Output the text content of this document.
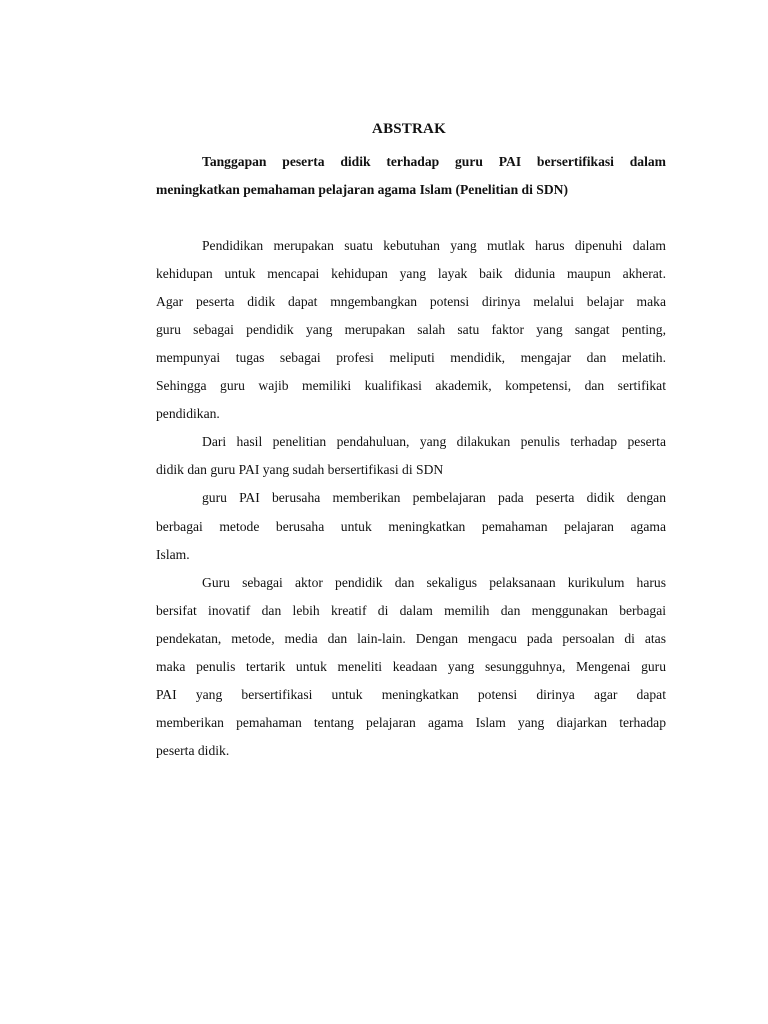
ABSTRAK
Tanggapan peserta didik terhadap guru PAI bersertifikasi dalam
meningkatkan pemahaman pelajaran agama Islam (Penelitian di SDN)
Pendidikan merupakan suatu kebutuhan yang mutlak harus dipenuhi dalam
kehidupan untuk mencapai kehidupan yang layak baik didunia maupun akherat.
Agar peserta didik dapat mngembangkan potensi dirinya melalui belajar maka
guru sebagai pendidik yang merupakan salah satu faktor yang sangat penting,
mempunyai tugas sebagai profesi meliputi mendidik, mengajar dan melatih.
Sehingga guru wajib memiliki kualifikasi akademik, kompetensi, dan sertifikat
pendidikan.
Dari hasil penelitian pendahuluan, yang dilakukan penulis terhadap peserta
didik dan guru PAI yang sudah bersertifikasi di SDN
guru PAI berusaha memberikan pembelajaran pada peserta didik dengan
berbagai metode berusaha untuk meningkatkan pemahaman pelajaran agama
Islam.
Guru sebagai aktor pendidik dan sekaligus pelaksanaan kurikulum harus
bersifat inovatif dan lebih kreatif di dalam memilih dan menggunakan berbagai
pendekatan, metode, media dan lain-lain. Dengan mengacu pada persoalan di atas
maka penulis tertarik untuk meneliti keadaan yang sesungguhnya, Mengenai guru
PAI yang bersertifikasi untuk meningkatkan potensi dirinya agar dapat
memberikan pemahaman tentang pelajaran agama Islam yang diajarkan terhadap
peserta didik.
